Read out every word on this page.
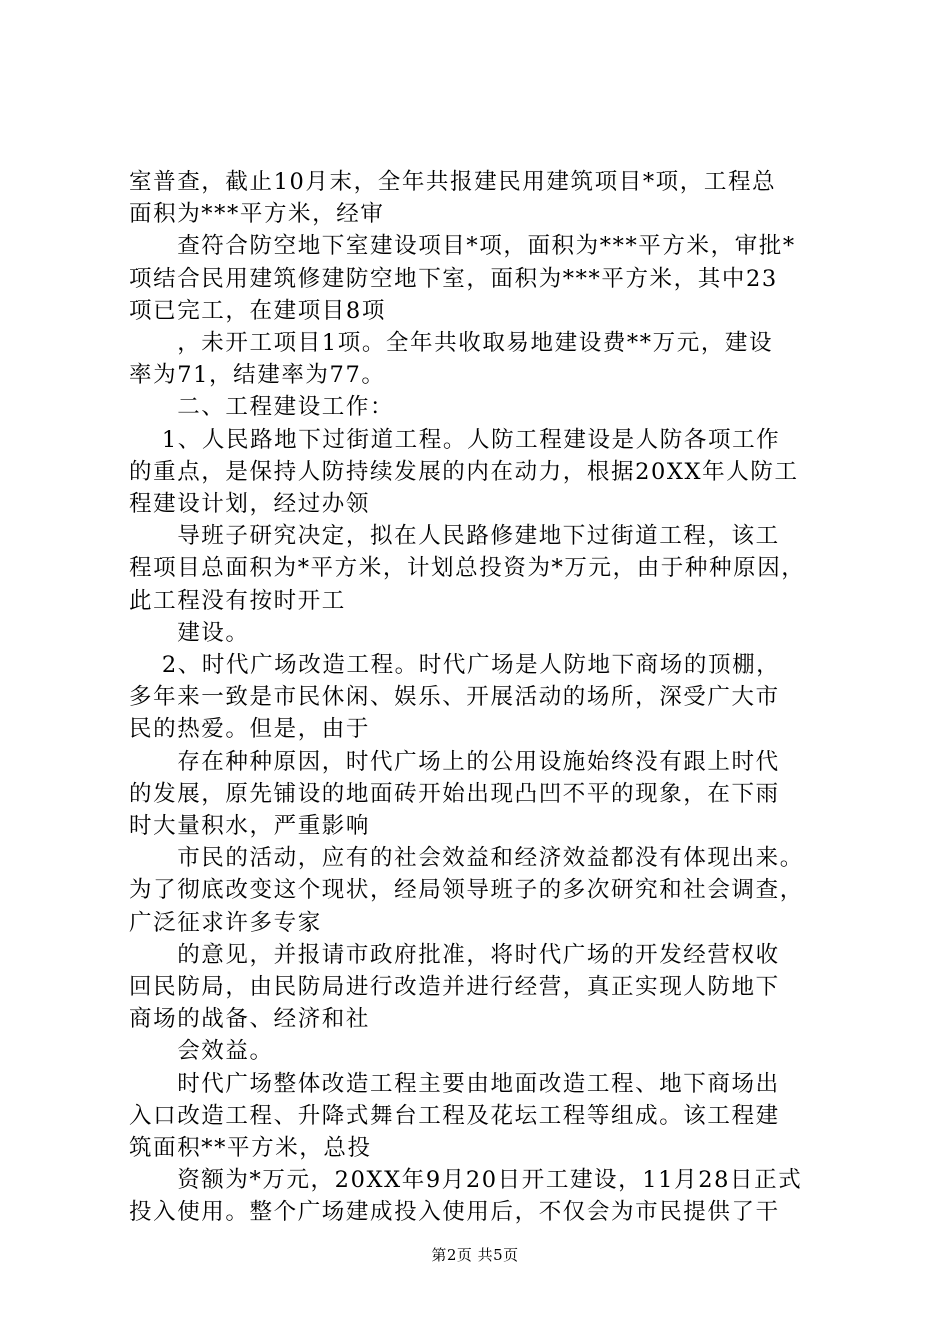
室普查，截止10月末，全年共报建民用建筑项目*项，工程总
面积为***平方米，经审
　　查符合防空地下室建设项目*项，面积为***平方米，审批*
项结合民用建筑修建防空地下室，面积为***平方米，其中23
项已完工，在建项目8项
　　，未开工项目1项。全年共收取易地建设费**万元，建设
率为71，结建率为77。
　　二、工程建设工作：
　 1、人民路地下过街道工程。人防工程建设是人防各项工作
的重点，是保持人防持续发展的内在动力，根据20XX年人防工
程建设计划，经过办领
　　导班子研究决定，拟在人民路修建地下过街道工程，该工
程项目总面积为*平方米，计划总投资为*万元，由于种种原因，
此工程没有按时开工
　　建设。
　 2、时代广场改造工程。时代广场是人防地下商场的顶棚，
多年来一致是市民休闲、娱乐、开展活动的场所，深受广大市
民的热爱。但是，由于
　　存在种种原因，时代广场上的公用设施始终没有跟上时代
的发展，原先铺设的地面砖开始出现凸凹不平的现象，在下雨
时大量积水，严重影响
　　市民的活动，应有的社会效益和经济效益都没有体现出来。
为了彻底改变这个现状，经局领导班子的多次研究和社会调查，
广泛征求许多专家
　　的意见，并报请市政府批准，将时代广场的开发经营权收
回民防局，由民防局进行改造并进行经营，真正实现人防地下
商场的战备、经济和社
　　会效益。
　　时代广场整体改造工程主要由地面改造工程、地下商场出
入口改造工程、升降式舞台工程及花坛工程等组成。该工程建
筑面积**平方米，总投
　　资额为*万元，20XX年9月20日开工建设，11月28日正式
投入使用。整个广场建成投入使用后，不仅会为市民提供了干
第2页 共5页
